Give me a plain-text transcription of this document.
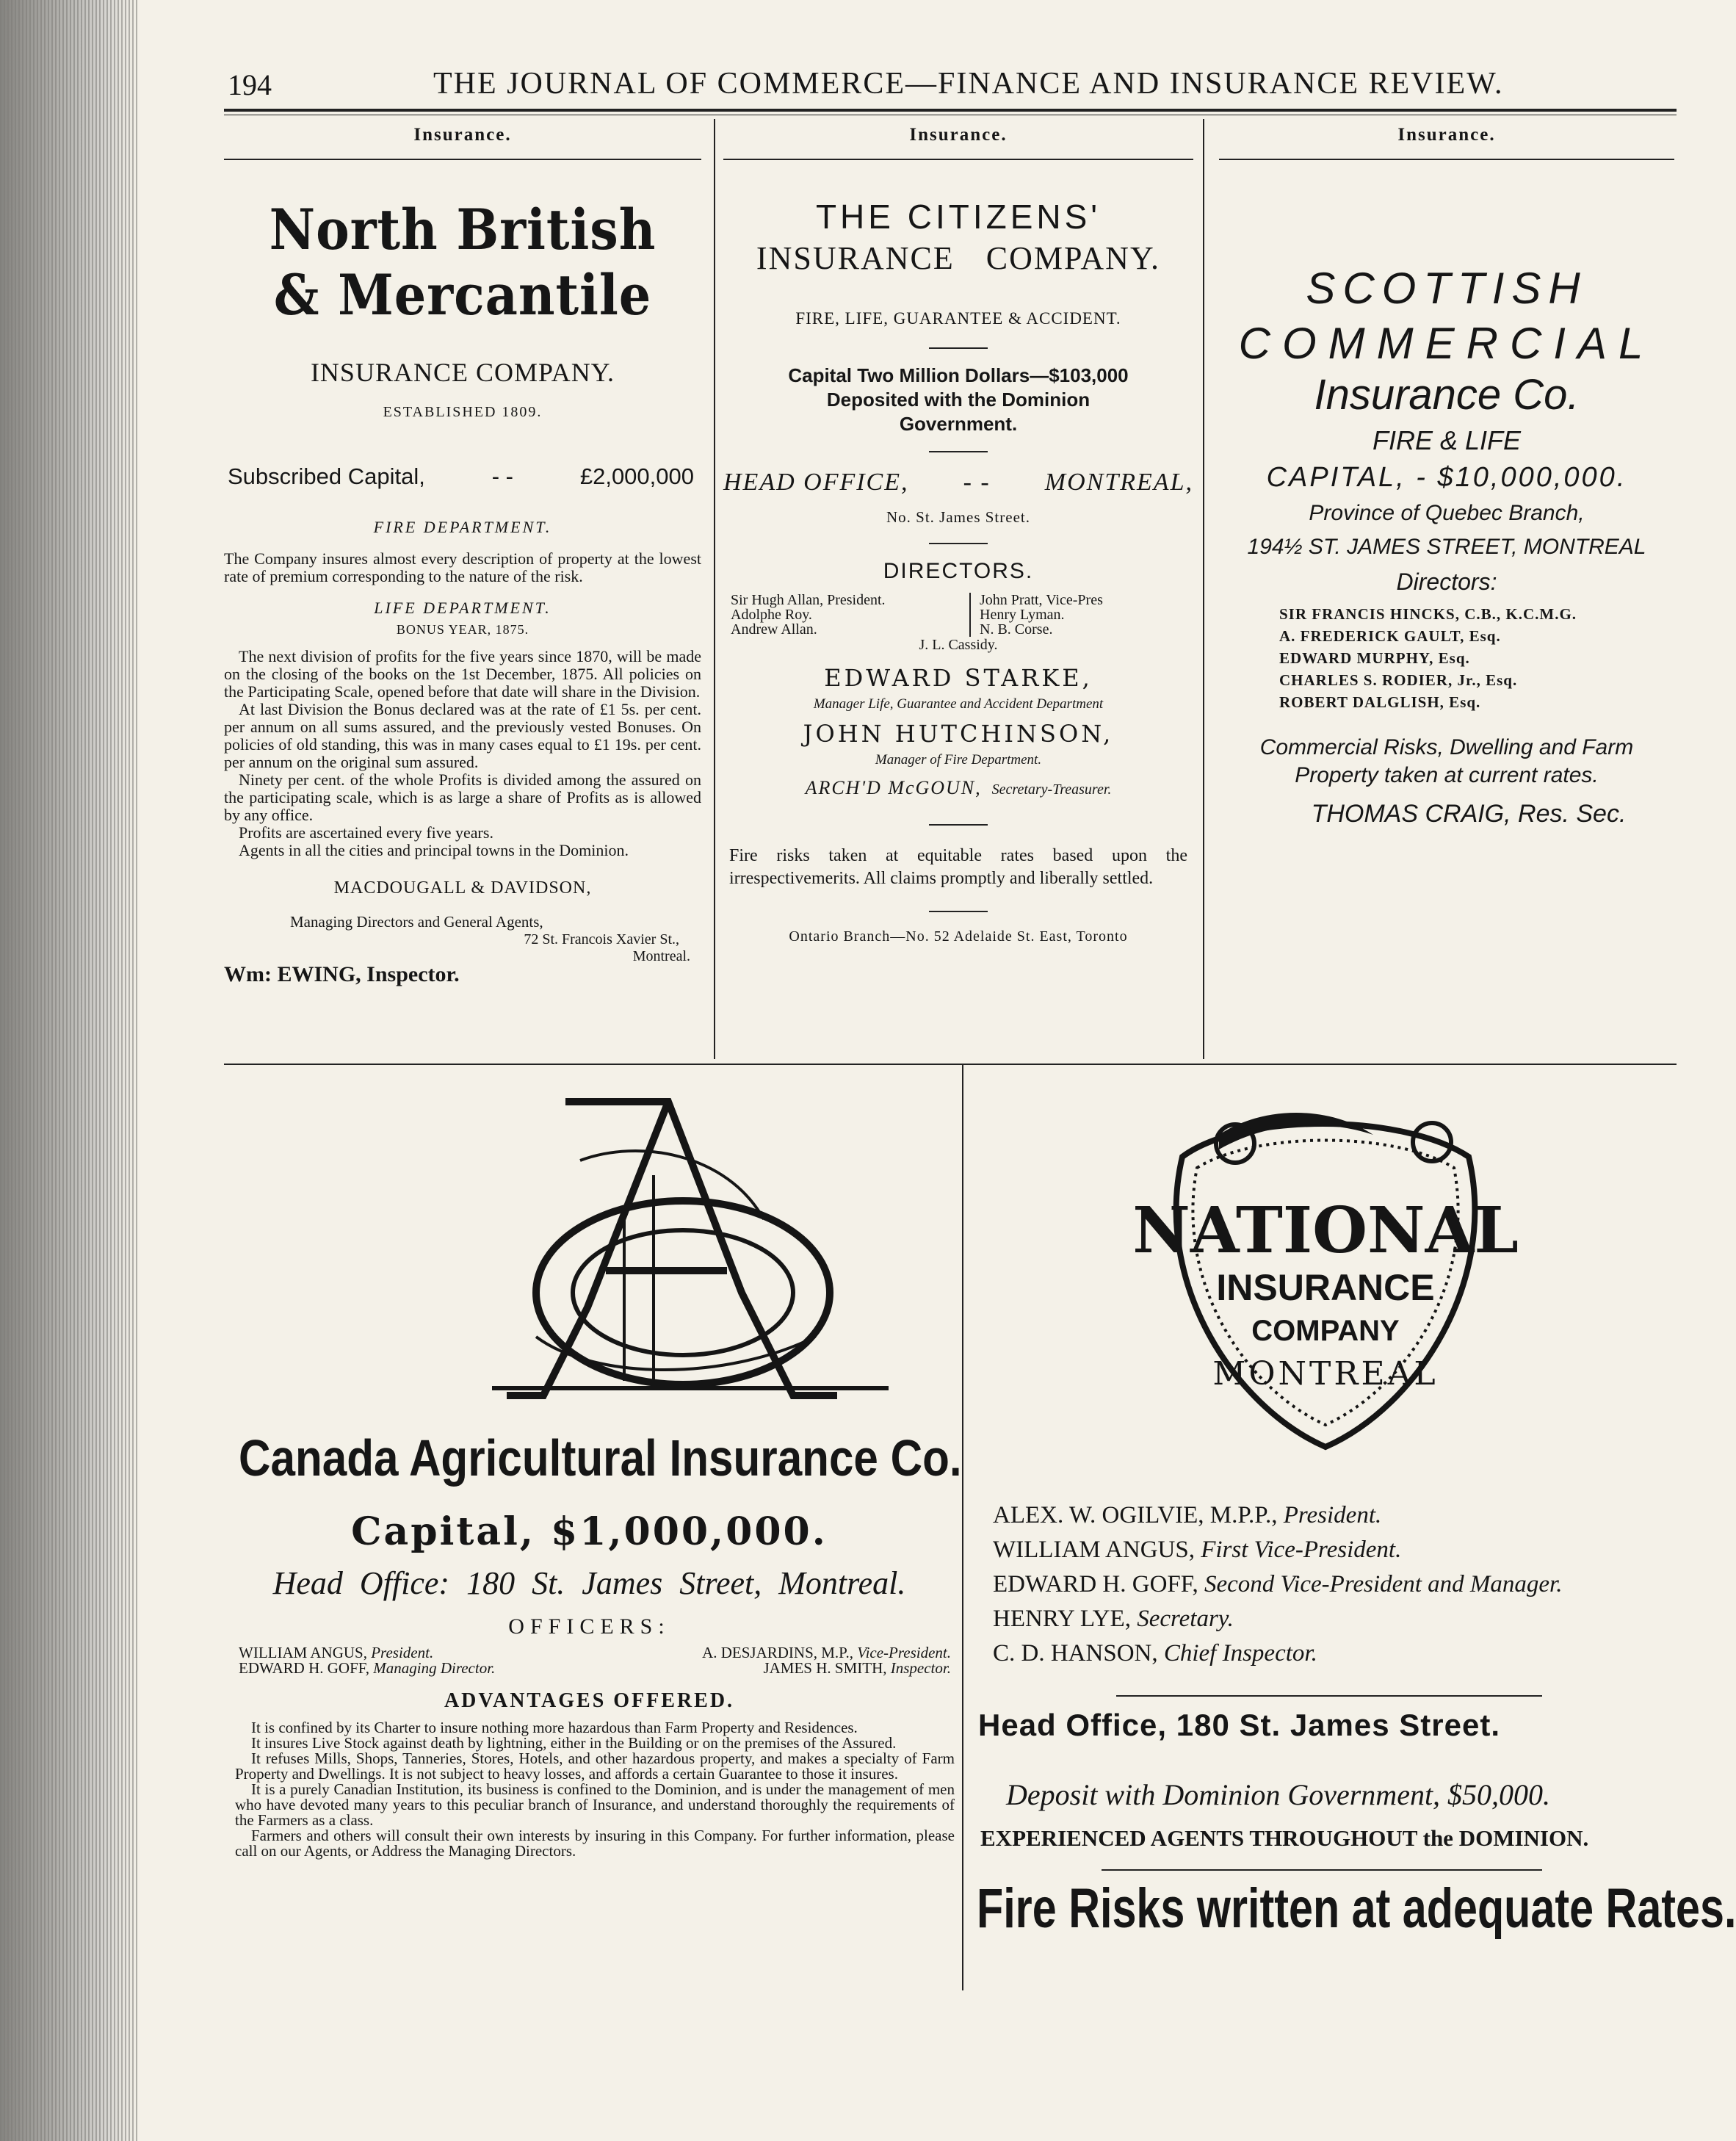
194	THE JOURNAL OF COMMERCE—FINANCE AND INSURANCE REVIEW.
Insurance.
North British & Mercantile
INSURANCE COMPANY.
ESTABLISHED 1809.
Subscribed Capital,	- -	£2,000,000
FIRE DEPARTMENT.
The Company insures almost every description of property at the lowest rate of premium corresponding to the nature of the risk.
LIFE DEPARTMENT.
BONUS YEAR, 1875.
The next division of profits for the five years since 1870, will be made on the closing of the books on the 1st December, 1875. All policies on the Participating Scale, opened before that date will share in the Division.
At last Division the Bonus declared was at the rate of £1 5s. per cent. per annum on all sums assured, and the previously vested Bonuses. On policies of old standing, this was in many cases equal to £1 19s. per cent. per annum on the original sum assured.
Ninety per cent. of the whole Profits is divided among the assured on the participating scale, which is as large a share of Profits as is allowed by any office.
Profits are ascertained every five years.
Agents in all the cities and principal towns in the Dominion.
MACDOUGALL & DAVIDSON,
Managing Directors and General Agents,
72 St. Francois Xavier St.,
Montreal.
Wm: EWING, Inspector.
Insurance.
THE CITIZENS'
INSURANCE COMPANY.
FIRE, LIFE, GUARANTEE & ACCIDENT.
Capital Two Million Dollars—$103,000
Deposited with the Dominion
Government.
HEAD OFFICE, - - MONTREAL,
No. St. James Street.
DIRECTORS.
Sir Hugh Allan, President.
Adolphe Roy.
Andrew Allan.
John Pratt, Vice-Pres
Henry Lyman.
N. B. Corse.
J. L. Cassidy.
EDWARD STARKE,
Manager Life, Guarantee and Accident Department
JOHN HUTCHINSON,
Manager of Fire Department.
ARCH'D McGOUN, Secretary-Treasurer.
Fire risks taken at equitable rates based upon the irrespectivemerits. All claims promptly and liberally settled.
Ontario Branch—No. 52 Adelaide St. East, Toronto
Insurance.
SCOTTISH
COMMERCIAL
Insurance Co.
FIRE & LIFE
CAPITAL, - $10,000,000.
Province of Quebec Branch,
194½ ST. JAMES STREET, MONTREAL
Directors:
SIR FRANCIS HINCKS, C.B., K.C.M.G.
A. FREDERICK GAULT, Esq.
EDWARD MURPHY, Esq.
CHARLES S. RODIER, Jr., Esq.
ROBERT DALGLISH, Esq.
Commercial Risks, Dwelling and Farm
Property taken at current rates.
THOMAS CRAIG, Res. Sec.
Canada Agricultural Insurance Co.
Capital, $1,000,000.
Head Office: 180 St. James Street, Montreal.
OFFICERS:
WILLIAM ANGUS, President.	A. DESJARDINS, M.P., Vice-President.
EDWARD H. GOFF, Managing Director.	JAMES H. SMITH, Inspector.
ADVANTAGES OFFERED.
It is confined by its Charter to insure nothing more hazardous than Farm Property and Residences.
It insures Live Stock against death by lightning, either in the Building or on the premises of the Assured.
It refuses Mills, Shops, Tanneries, Stores, Hotels, and other hazardous property, and makes a specialty of Farm Property and Dwellings. It is not subject to heavy losses, and affords a certain Guarantee to those it insures.
It is a purely Canadian Institution, its business is confined to the Dominion, and is under the management of men who have devoted many years to this peculiar branch of Insurance, and understand thoroughly the requirements of the Farmers as a class.
Farmers and others will consult their own interests by insuring in this Company. For further information, please call on our Agents, or Address the Managing Directors.
NATIONAL
INSURANCE
COMPANY
MONTREAL
ALEX. W. OGILVIE, M.P.P., President.
WILLIAM ANGUS, First Vice-President.
EDWARD H. GOFF, Second Vice-President and Manager.
HENRY LYE, Secretary.
C. D. HANSON, Chief Inspector.
Head Office, 180 St. James Street.
Deposit with Dominion Government, $50,000.
EXPERIENCED AGENTS THROUGHOUT the DOMINION.
Fire Risks written at adequate Rates.
